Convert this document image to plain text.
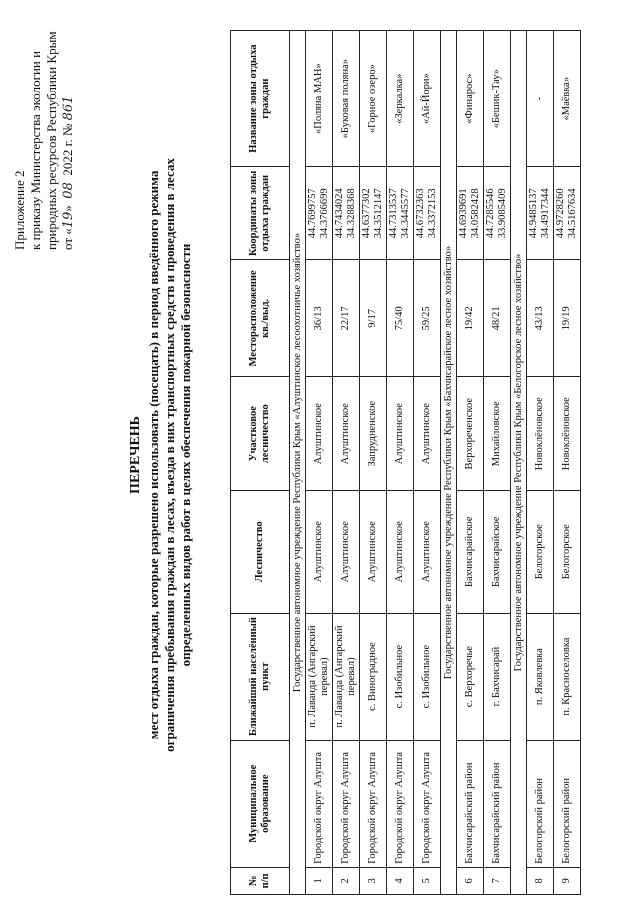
Приложение 2 к приказу Министерства экологии и природных ресурсов Республики Крым от «19»  08  2022 г. № 861
ПЕРЕЧЕНЬ мест отдыха граждан, которые разрешено использовать (посещать) в период введённого режима ограничения пребывания граждан в лесах, въезда в них транспортных средств и проведения в лесах определенных видов работ в целях обеспечения пожарной безопасности
№ п/п	Муниципальное образование	Ближайший населённый пункт	Лесничество	Участковое лесничество	Месторасположение кв./выд.	Координаты зоны отдыха граждан	Название зоны отдыха граждан
Государственное автономное учреждение Республики Крым «Алуштинское лесоохотничье хозяйство»							
1	Городской округ Алушта	п. Лаванда (Ангарский перевал)	Алуштинское	Алуштинское	36/13	44.7699757 34.3766699	«Поляна МАН»
2	Городской округ Алушта	п. Лаванда (Ангарский перевал)	Алуштинское	Алуштинское	22/17	44.7434024 34.3288368	«Буковая поляна»
3	Городской округ Алушта	с. Виноградное	Алуштинское	Запрудненское	9/17	44.6377302 34.3512147	«Горное озеро»
4	Городской округ Алушта	с. Изобильное	Алуштинское	Алуштинское	75/40	44.7313537 34.3445577	«Зеркалка»
5	Городской округ Алушта	с. Изобильное	Алуштинское	Алуштинское	59/25	44.6732363 34.3372153	«Ай-Йори»
Государственное автономное учреждение Республики Крым «Бахчисарайское лесное хозяйство»							
6	Бахчисарайский район	с. Верхоречье	Бахчисарайское	Верхореченское	19/42	44.6939691 34.0582428	«Финарос»
7	Бахчисарайский район	г. Бахчисарай	Бахчисарайское	Михайловское	48/21	44.7285546 33.9085409	«Бешик-Тау»
Государственное автономное учреждение Республики Крым «Белогорское лесное хозяйство»							
8	Белогорский район	п. Яковлевка	Белогорское	Новоклёновское	43/13	44.9485137 34.4917344	-
9	Белогорский район	п. Красноселовка	Белогорское	Новоклёновское	19/19	44.9728260 34.5167634	«Маёвка»
